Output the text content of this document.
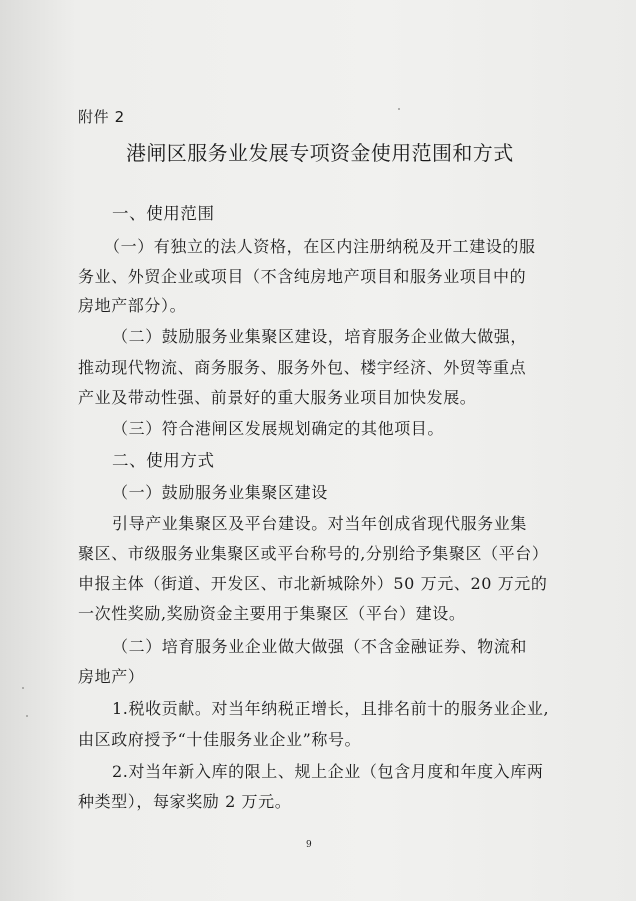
附件 2
港闸区服务业发展专项资金使用范围和方式
一、使用范围
（一）有独立的法人资格，在区内注册纳税及开工建设的服
务业、外贸企业或项目（不含纯房地产项目和服务业项目中的
房地产部分）。
（二）鼓励服务业集聚区建设，培育服务企业做大做强，
推动现代物流、商务服务、服务外包、楼宇经济、外贸等重点
产业及带动性强、前景好的重大服务业项目加快发展。
（三）符合港闸区发展规划确定的其他项目。
二、使用方式
（一）鼓励服务业集聚区建设
引导产业集聚区及平台建设。对当年创成省现代服务业集
聚区、市级服务业集聚区或平台称号的,分别给予集聚区（平台）
申报主体（街道、开发区、市北新城除外）50 万元、20 万元的
一次性奖励,奖励资金主要用于集聚区（平台）建设。
（二）培育服务业企业做大做强（不含金融证券、物流和
房地产）
1.税收贡献。对当年纳税正增长，且排名前十的服务业企业,
由区政府授予“十佳服务业企业”称号。
2.对当年新入库的限上、规上企业（包含月度和年度入库两
种类型），每家奖励 2 万元。
9
